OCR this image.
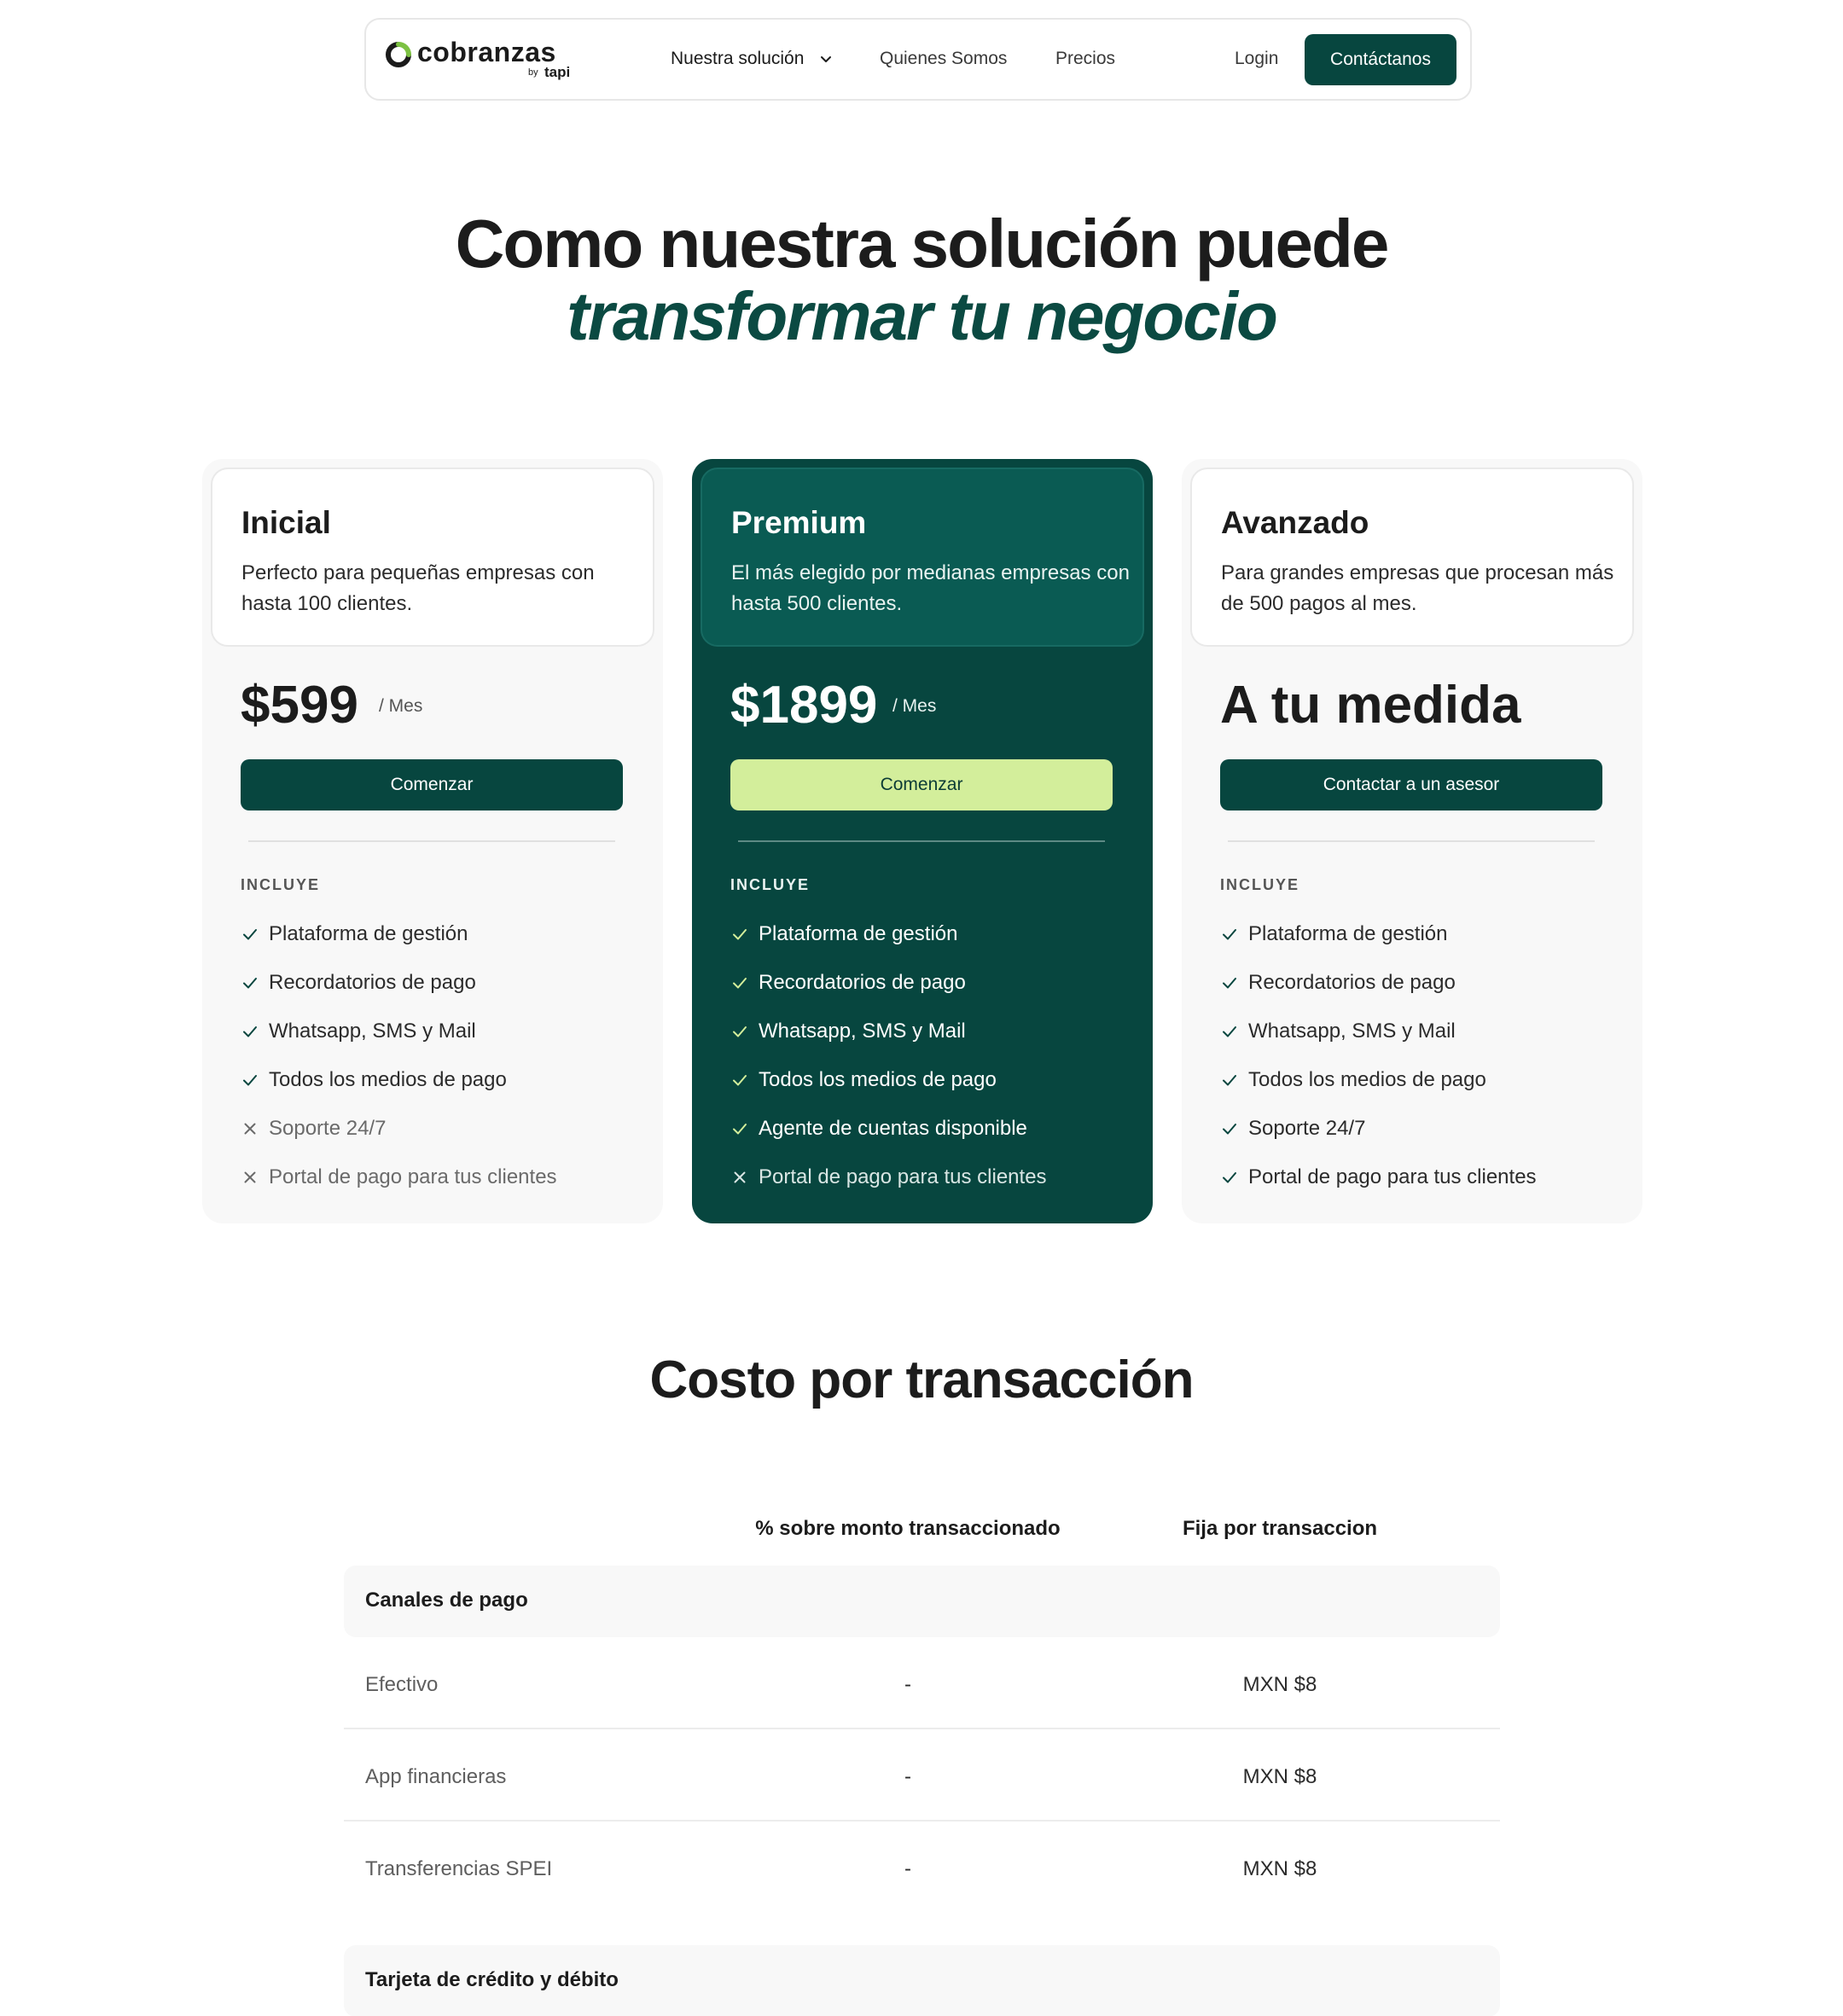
cobranzas
by tapi
Nuestra solución	Quienes Somos	Precios	Login	Contáctanos
Como nuestra solución puede
transformar tu negocio
Inicial
Perfecto para pequeñas empresas con hasta 100 clientes.
$599 / Mes
Comenzar
INCLUYE
Plataforma de gestión
Recordatorios de pago
Whatsapp, SMS y Mail
Todos los medios de pago
Soporte 24/7
Portal de pago para tus clientes
Premium
El más elegido por medianas empresas con hasta 500 clientes.
$1899 / Mes
Comenzar
INCLUYE
Plataforma de gestión
Recordatorios de pago
Whatsapp, SMS y Mail
Todos los medios de pago
Agente de cuentas disponible
Portal de pago para tus clientes
Avanzado
Para grandes empresas que procesan más de 500 pagos al mes.
A tu medida
Contactar a un asesor
INCLUYE
Plataforma de gestión
Recordatorios de pago
Whatsapp, SMS y Mail
Todos los medios de pago
Soporte 24/7
Portal de pago para tus clientes
Costo por transacción
% sobre monto transaccionado	Fija por transaccion
Canales de pago
Efectivo	-	MXN $8
App financieras	-	MXN $8
Transferencias SPEI	-	MXN $8
Tarjeta de crédito y débito
